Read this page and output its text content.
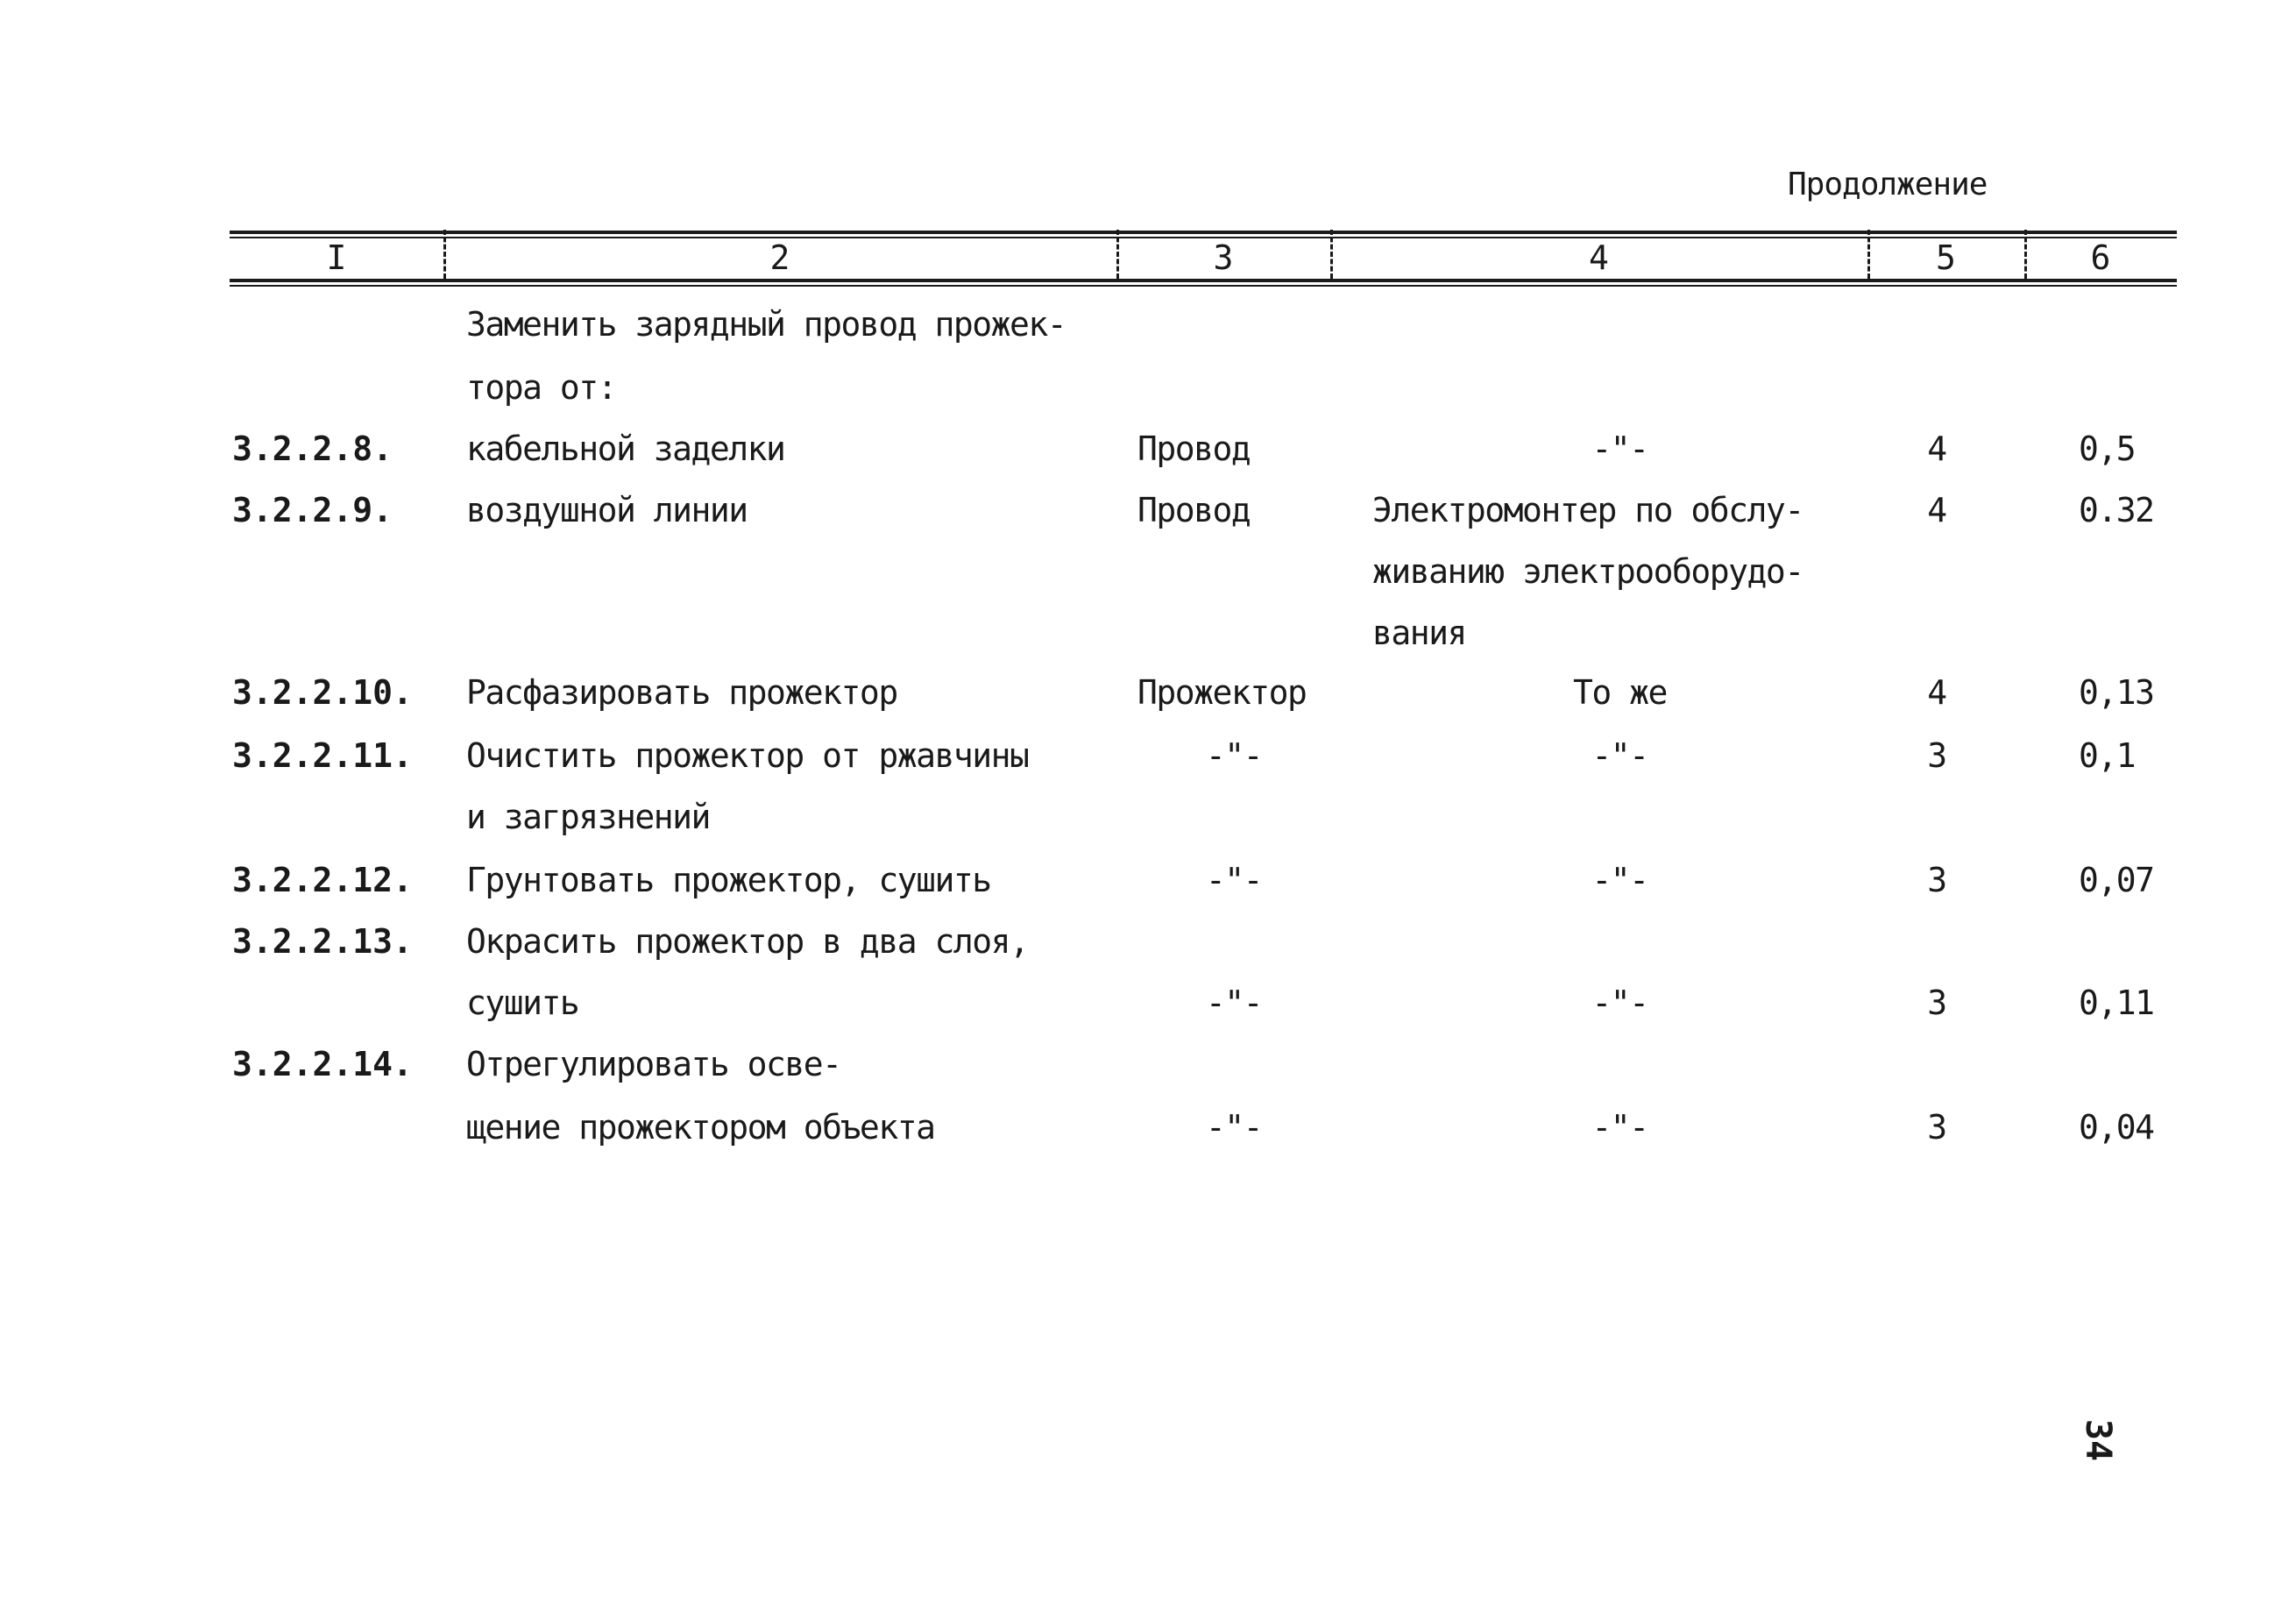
Продолжение
I	2	3	4	5	6
Заменить зарядный провод прожек-
тора от:
3.2.2.8. кабельной заделки	Провод	-"-	4	0,5
3.2.2.9. воздушной линии	Провод	Электромонтер по обслу-	4	0.32
живанию электрооборудо-
вания
3.2.2.10. Расфазировать прожектор	Прожектор	То же	4	0,13
3.2.2.11. Очистить прожектор от ржавчины	-"-	-"-	3	0,1
и загрязнений
3.2.2.12. Грунтовать прожектор, сушить	-"-	-"-	3	0,07
3.2.2.13. Окрасить прожектор в два слоя,
сушить	-"-	-"-	3	0,11
3.2.2.14. Отрегулировать осве-
щение прожектором объекта	-"-	-"-	3	0,04
34
